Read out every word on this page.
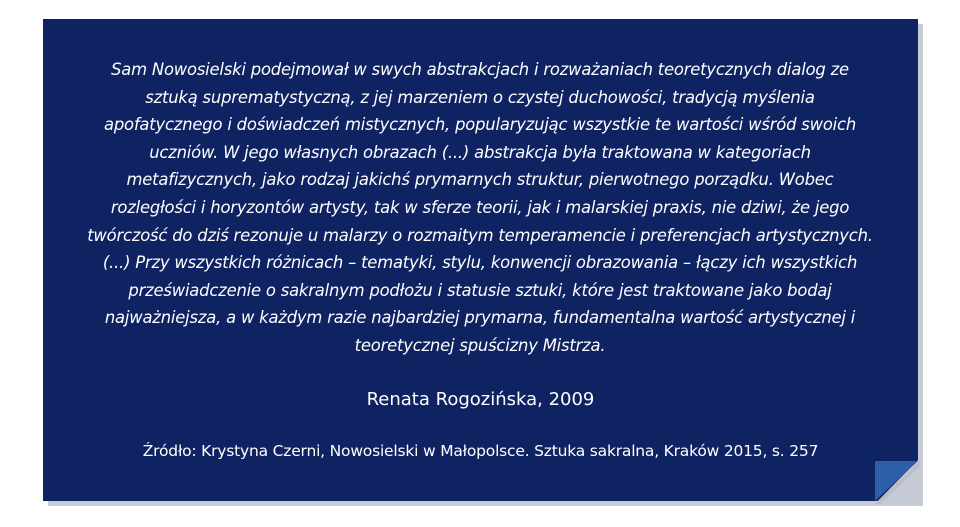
Sam Nowosielski podejmował w swych abstrakcjach i rozważaniach teoretycznych dialog ze sztuką suprematystyczną, z jej marzeniem o czystej duchowości, tradycją myślenia apofatycznego i doświadczeń mistycznych, popularyzując wszystkie te wartości wśród swoich uczniów. W jego własnych obrazach (...) abstrakcja była traktowana w kategoriach metafizycznych, jako rodzaj jakichś prymarnych struktur, pierwotnego porządku. Wobec rozległości i horyzontów artysty, tak w sferze teorii, jak i malarskiej praxis, nie dziwi, że jego twórczość do dziś rezonuje u malarzy o rozmaitym temperamencie i preferencjach artystycznych. (...) Przy wszystkich różnicach – tematyki, stylu, konwencji obrazowania – łączy ich wszystkich przeświadczenie o sakralnym podłożu i statusie sztuki, które jest traktowane jako bodaj najważniejsza, a w każdym razie najbardziej prymarna, fundamentalna wartość artystycznej i teoretycznej spuścizny Mistrza.

Renata Rogozińska, 2009

Źródło: Krystyna Czerni, Nowosielski w Małopolsce. Sztuka sakralna, Kraków 2015, s. 257
